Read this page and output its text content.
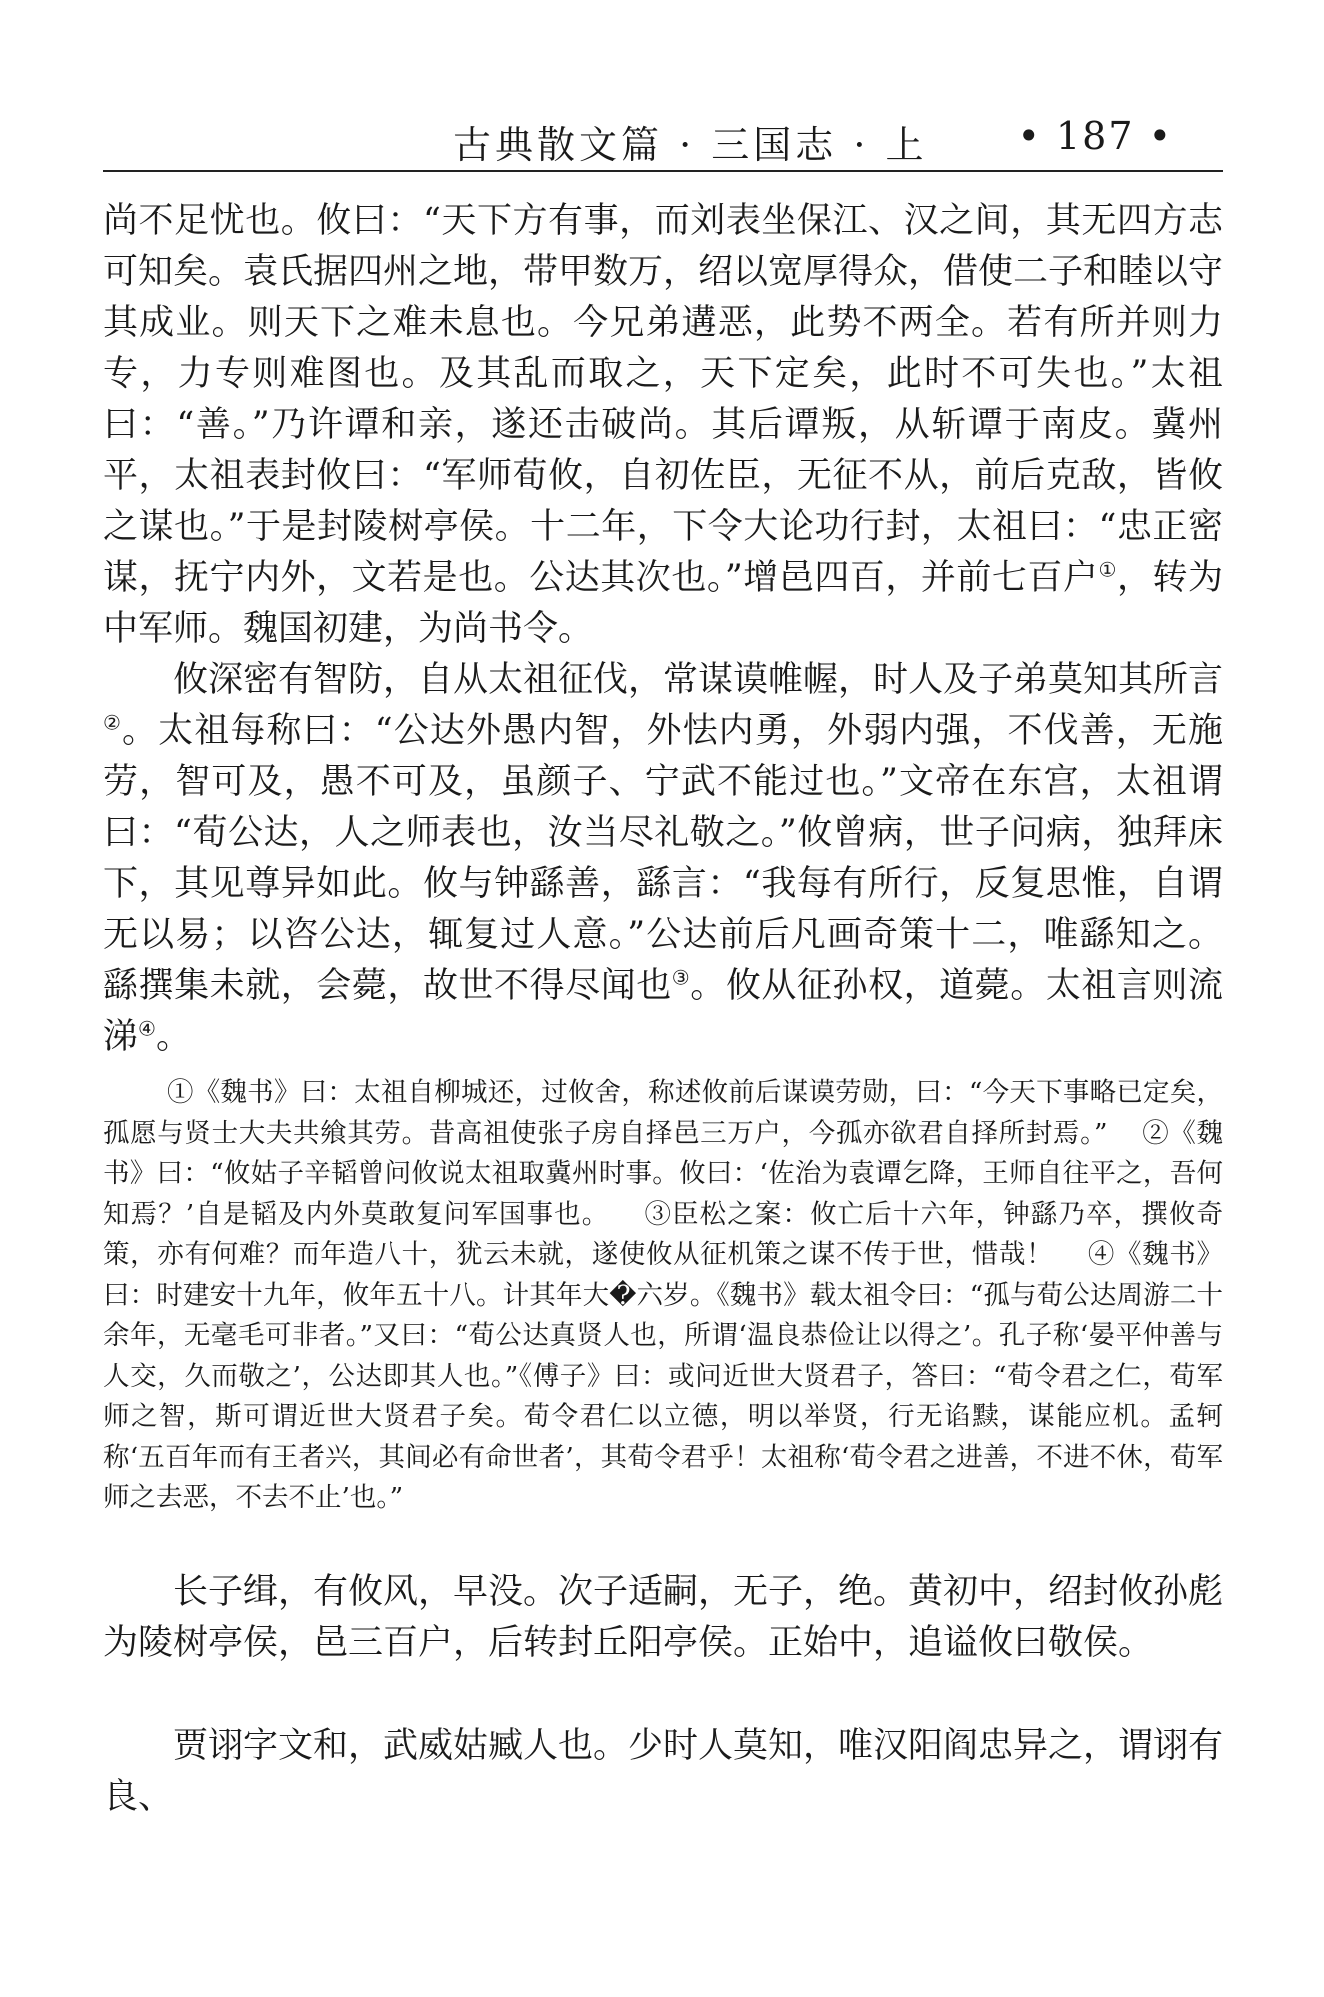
古典散文篇 · 三国志 · 上 • 187 •

尚不足忧也。攸曰：“天下方有事，而刘表坐保江、汉之间，其无四方志可知矣。袁氏据四州之地，带甲数万，绍以宽厚得众，借使二子和睦以守其成业。则天下之难未息也。今兄弟遘恶，此势不两全。若有所并则力专，力专则难图也。及其乱而取之，天下定矣，此时不可失也。”太祖曰：“善。”乃许谭和亲，遂还击破尚。其后谭叛，从斩谭于南皮。冀州平，太祖表封攸曰：“军师荀攸，自初佐臣，无征不从，前后克敌，皆攸之谋也。”于是封陵树亭侯。十二年，下令大论功行封，太祖曰：“忠正密谋，抚宁内外，文若是也。公达其次也。”增邑四百，并前七百户①，转为中军师。魏国初建，为尚书令。

攸深密有智防，自从太祖征伐，常谋谟帷幄，时人及子弟莫知其所言②。太祖每称曰：“公达外愚内智，外怯内勇，外弱内强，不伐善，无施劳，智可及，愚不可及，虽颜子、宁武不能过也。”文帝在东宫，太祖谓曰：“荀公达，人之师表也，汝当尽礼敬之。”攸曾病，世子问病，独拜床下，其见尊异如此。攸与钟繇善，繇言：“我每有所行，反复思惟，自谓无以易；以咨公达，辄复过人意。”公达前后凡画奇策十二，唯繇知之。繇撰集未就，会薨，故世不得尽闻也③。攸从征孙权，道薨。太祖言则流涕④。

①《魏书》曰：太祖自柳城还，过攸舍，称述攸前后谋谟劳勋，曰：“今天下事略已定矣，孤愿与贤士大夫共飨其劳。昔高祖使张子房自择邑三万户，今孤亦欲君自择所封焉。” ②《魏书》曰：“攸姑子辛韬曾问攸说太祖取冀州时事。攸曰：‘佐治为袁谭乞降，王师自往平之，吾何知焉？’自是韬及内外莫敢复问军国事也。 ③臣松之案：攸亡后十六年，钟繇乃卒，撰攸奇策，亦有何难？而年造八十，犹云未就，遂使攸从征机策之谋不传于世，惜哉！ ④《魏书》曰：时建安十九年，攸年五十八。计其年大�六岁。《魏书》载太祖令曰：“孤与荀公达周游二十余年，无毫毛可非者。”又曰：“荀公达真贤人也，所谓‘温良恭俭让以得之’。孔子称‘晏平仲善与人交，久而敬之’，公达即其人也。”《傅子》曰：或问近世大贤君子，答曰：“荀令君之仁，荀军师之智，斯可谓近世大贤君子矣。荀令君仁以立德，明以举贤，行无谄黩，谋能应机。孟轲称‘五百年而有王者兴，其间必有命世者’，其荀令君乎！太祖称‘荀令君之进善，不进不休，荀军师之去恶，不去不止’也。”

长子缉，有攸风，早没。次子适嗣，无子，绝。黄初中，绍封攸孙彪为陵树亭侯，邑三百户，后转封丘阳亭侯。正始中，追谥攸曰敬侯。

贾诩字文和，武威姑臧人也。少时人莫知，唯汉阳阎忠异之，谓诩有良、
